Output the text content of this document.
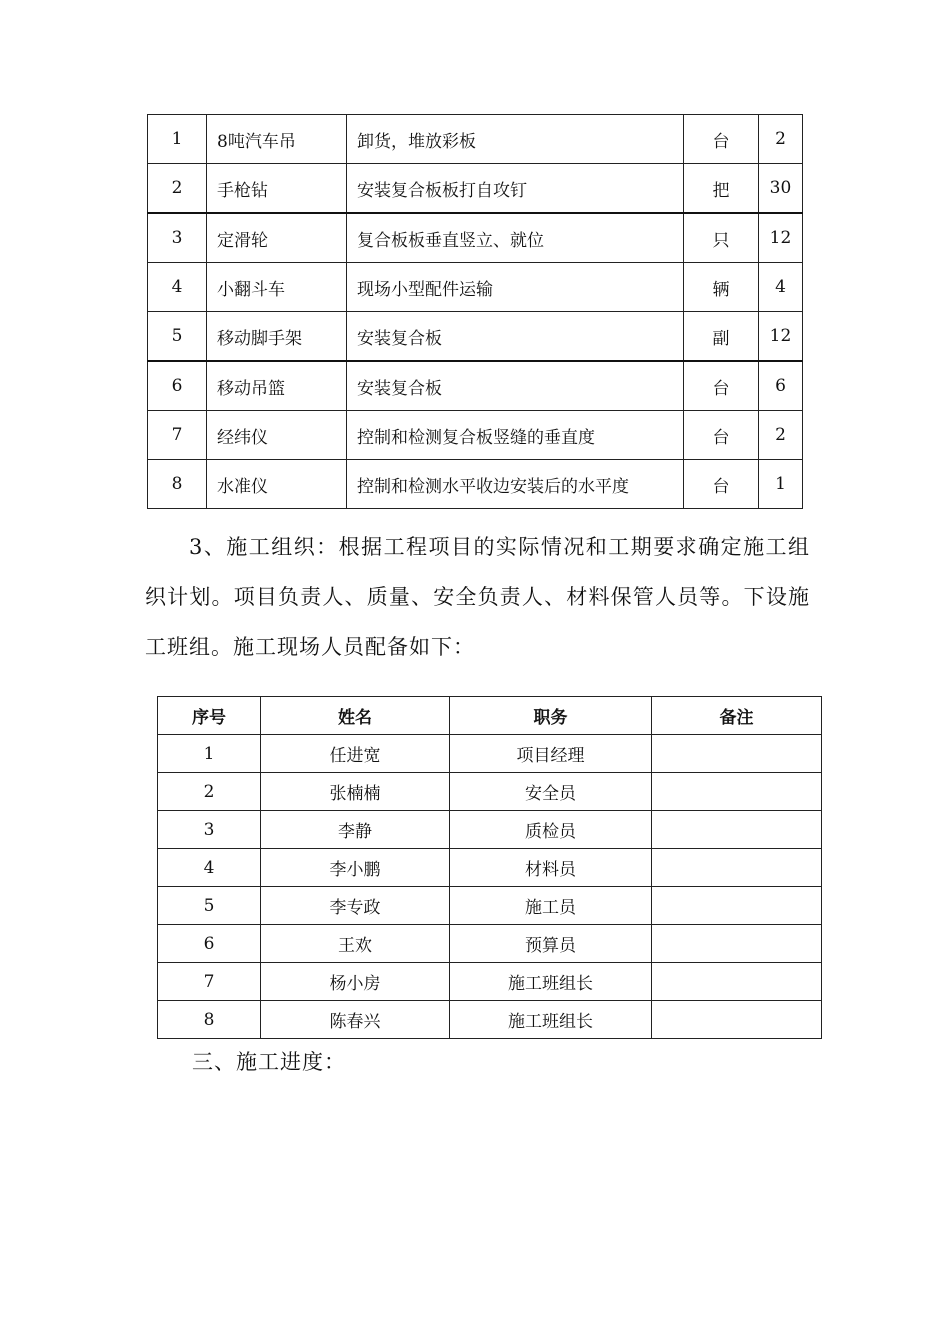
1	8吨汽车吊	卸货，堆放彩板	台	2
2	手枪钻	安装复合板板打自攻钉	把	30
3	定滑轮	复合板板垂直竖立、就位	只	12
4	小翻斗车	现场小型配件运输	辆	4
5	移动脚手架	安装复合板	副	12
6	移动吊篮	安装复合板	台	6
7	经纬仪	控制和检测复合板竖缝的垂直度	台	2
8	水准仪	控制和检测水平收边安装后的水平度	台	1

3、施工组织：根据工程项目的实际情况和工期要求确定施工组织计划。项目负责人、质量、安全负责人、材料保管人员等。下设施工班组。施工现场人员配备如下：

序号	姓名	职务	备注
1	任进宽	项目经理	
2	张楠楠	安全员	
3	李静	质检员	
4	李小鹏	材料员	
5	李专政	施工员	
6	王欢	预算员	
7	杨小房	施工班组长	
8	陈春兴	施工班组长	

三、施工进度：
